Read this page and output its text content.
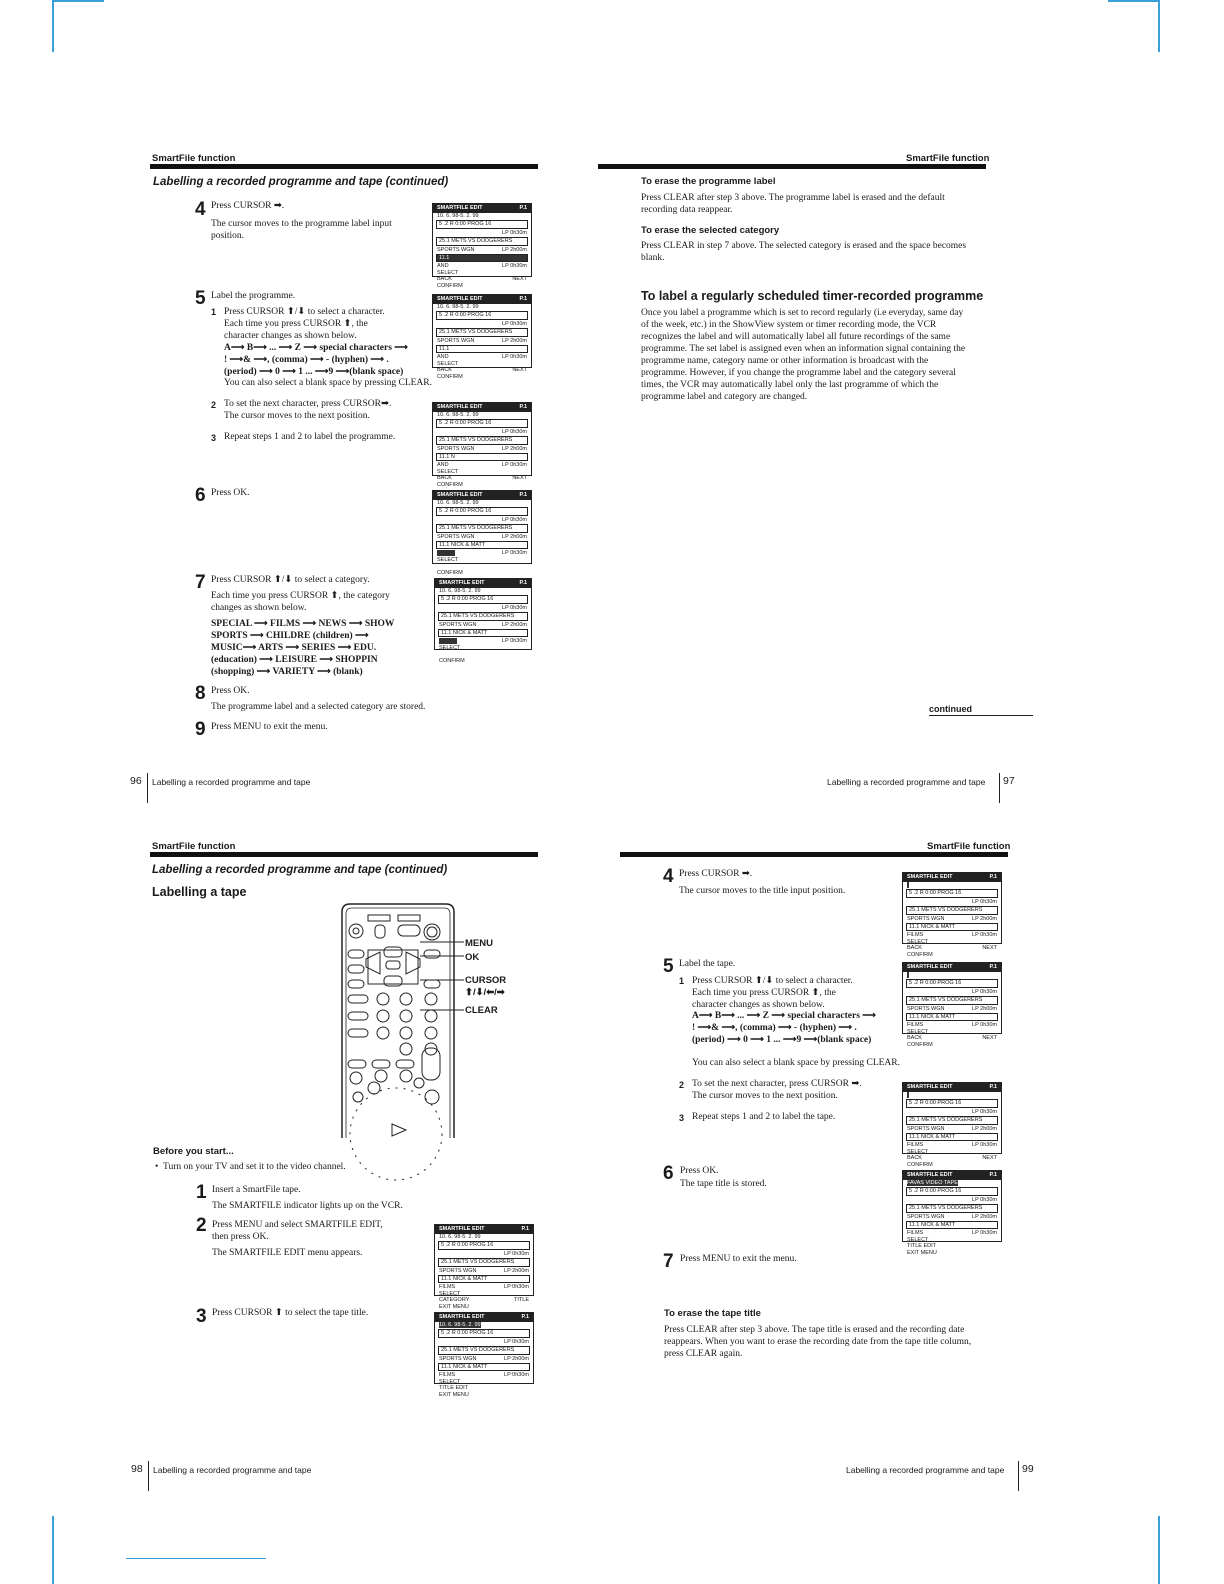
SmartFile function
Labelling a recorded programme and tape (continued)
4 Press CURSOR ➡.
The cursor moves to the programme label input position.
SMARTFILE EDIT	P.1
10. 6. 98-5. 2. 99
5 .2 R 0:00 PROG 16
LP 0h30m

25.1 METS VS DODGERERS
SPORTS WGN	LP 2h00m
11.1
AND	LP 0h30m
SELECT
BACK	NEXT
CONFIRM
5 Label the programme.
1 Press CURSOR ⬆/⬇ to select a character.
Each time you press CURSOR ⬆, the
character changes as shown below.
A⟶ B⟶ ... ⟶ Z ⟶ special characters ⟶
! ⟶& ⟶, (comma) ⟶ - (hyphen) ⟶ .
(period) ⟶ 0 ⟶ 1 ... ⟶9 ⟶(blank space)
You can also select a blank space by pressing CLEAR.
SMARTFILE EDIT	P.1
10. 6. 98-5. 2. 99
5 .2 R 0:00 PROG 16
LP 0h30m

25.1 METS VS DODGERERS
SPORTS WGN	LP 2h00m
11.1
AND	LP 0h30m
SELECT
BACK	NEXT
CONFIRM
2 To set the next character, press CURSOR➡.
The cursor moves to the next position.
3 Repeat steps 1 and 2 to label the programme.
SMARTFILE EDIT	P.1
10. 6. 98-5. 2. 99
5 .2 R 0:00 PROG 16
LP 0h30m

25.1 METS VS DODGERERS
SPORTS WGN	LP 2h00m
11.1 N
AND	LP 0h30m
SELECT
BACK	NEXT
CONFIRM
6 Press OK.	SMARTFILE EDIT	P.1
10. 6. 98-5. 2. 99
5 .2 R 0:00 PROG 16
LP 0h30m

25.1 METS VS DODGERERS
SPORTS WGN	LP 2h00m
11.1 NICK & MATT

LP 0h30m
SELECT

CONFIRM
7 Press CURSOR ⬆/⬇ to select a category.
Each time you press CURSOR ⬆, the category
changes as shown below.
SPECIAL ⟶ FILMS ⟶ NEWS ⟶ SHOW
SPORTS ⟶ CHILDRE (children) ⟶
MUSIC⟶ ARTS ⟶ SERIES ⟶ EDU.
(education) ⟶ LEISURE ⟶ SHOPPIN
(shopping) ⟶ VARIETY ⟶ (blank)
SMARTFILE EDIT	P.1
10. 6. 98-5. 2. 99
5 .2 R 0:00 PROG 16
LP 0h30m

25.1 METS VS DODGERERS
SPORTS WGN	LP 2h00m
11.1 NICK & MATT

LP 0h30m
SELECT

CONFIRM
8 Press OK.
The programme label and a selected category are stored.
9 Press MENU to exit the menu.
96 Labelling a recorded programme and tape
SmartFile function
To erase the programme label
Press CLEAR after step 3 above. The programme label is erased and the default
recording data reappear.
To erase the selected category
Press CLEAR in step 7 above. The selected category is erased and the space becomes
blank.
To label a regularly scheduled timer-recorded programme
Once you label a programme which is set to record regularly (i.e everyday, same day
of the week, etc.) in the ShowView system or timer recording mode, the VCR
recognizes the label and will automatically label all future recordings of the same
programme. The set label is assigned even when an information signal containing the
programme name, category name or other information is broadcast with the
programme. However, if you change the programme label and the category several
times, the VCR may automatically label only the last programme of which the
programme label and category are changed.
continued
Labelling a recorded programme and tape 97
SmartFile function
Labelling a recorded programme and tape (continued)
Labelling a tape
MENU
OK
CURSOR
⬆/⬇/⬅/➡
CLEAR
Before you start...
• Turn on your TV and set it to the video channel.
1 Insert a SmartFile tape.
The SMARTFILE indicator lights up on the VCR.
2 Press MENU and select SMARTFILE EDIT,
then press OK.
The SMARTFILE EDIT menu appears.
SMARTFILE EDIT	P.1
10. 6. 98-5. 2. 99
5 .2 R 0:00 PROG 16
LP 0h30m

25.1 METS VS DODGERERS
SPORTS WGN	LP 2h00m
11.1 NICK & MATT
FILMS	LP 0h30m
SELECT
CATEGORY	TITLE
EXIT MENU
3 Press CURSOR ⬆ to select the tape title.	SMARTFILE EDIT	P.1
10. 6. 98-5. 2. 99
5 .2 R 0:00 PROG 16
LP 0h30m

25.1 METS VS DODGERERS
SPORTS WGN	LP 2h00m
11.1 NICK & MATT
FILMS	LP 0h30m
SELECT
TITLE EDIT
EXIT MENU
98 Labelling a recorded programme and tape
SmartFile function
4 Press CURSOR ➡.
The cursor moves to the title input position.
SMARTFILE EDIT	P.1

5 .2 R 0:00 PROG 16
LP 0h30m

25.1 METS VS DODGERERS
SPORTS WGN	LP 2h00m
11.1 NICK & MATT
FILMS	LP 0h30m
SELECT
BACK	NEXT
CONFIRM
5 Label the tape.
1 Press CURSOR ⬆/⬇ to select a character.
Each time you press CURSOR ⬆, the
character changes as shown below.
A⟶ B⟶ ... ⟶ Z ⟶ special characters ⟶
! ⟶& ⟶, (comma) ⟶ - (hyphen) ⟶ .
(period) ⟶ 0 ⟶ 1 ... ⟶9 ⟶(blank space)
You can also select a blank space by pressing CLEAR.
SMARTFILE EDIT	P.1

5 .2 R 0:00 PROG 16
LP 0h30m

25.1 METS VS DODGERERS
SPORTS WGN	LP 2h00m
11.1 NICK & MATT
FILMS	LP 0h30m
SELECT
BACK	NEXT
CONFIRM
2 To set the next character, press CURSOR ➡.
The cursor moves to the next position.
3 Repeat steps 1 and 2 to label the tape.
SMARTFILE EDIT	P.1

5 .2 R 0:00 PROG 16
LP 0h30m

25.1 METS VS DODGERERS
SPORTS WGN	LP 2h00m
11.1 NICK & MATT
FILMS	LP 0h30m
SELECT
BACK	NEXT
CONFIRM
6 Press OK.
The tape title is stored.
SMARTFILE EDIT	P.1
FAVAS VIDEO TAPE
5 .2 R 0:00 PROG 16
LP 0h30m

25.1 METS VS DODGERERS
SPORTS WGN	LP 2h00m
11.1 NICK & MATT
FILMS	LP 0h30m
SELECT
TITLE EDIT
EXIT MENU
7 Press MENU to exit the menu.
To erase the tape title
Press CLEAR after step 3 above. The tape title is erased and the recording date
reappears. When you want to erase the recording date from the tape title column,
press CLEAR again.
Labelling a recorded programme and tape 99
